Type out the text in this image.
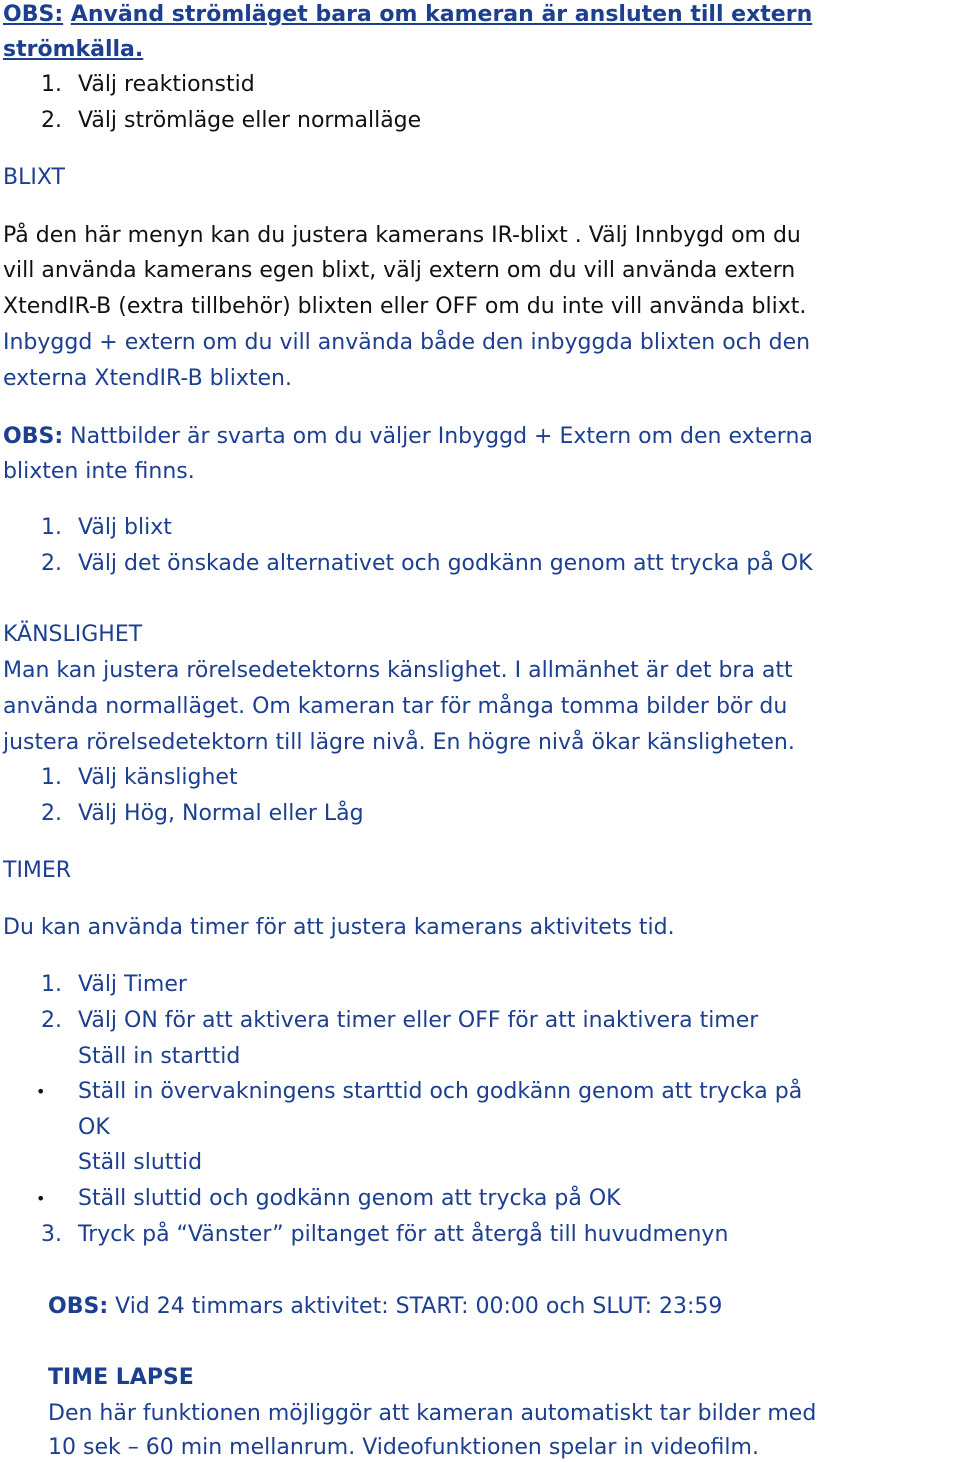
OBS: Använd strömläget bara om kameran är ansluten till extern
strömkälla.
1. Välj reaktionstid
2. Välj strömläge eller normalläge
BLIXT
På den här menyn kan du justera kamerans IR-blixt . Välj Innbygd om du
vill använda kamerans egen blixt, välj extern om du vill använda extern
XtendIR-B (extra tillbehör) blixten eller OFF om du inte vill använda blixt.
Inbyggd + extern om du vill använda både den inbyggda blixten och den
externa XtendIR-B blixten.
OBS: Nattbilder är svarta om du väljer Inbyggd + Extern om den externa
blixten inte finns.
1. Välj blixt
2. Välj det önskade alternativet och godkänn genom att trycka på OK
KÄNSLIGHET
Man kan justera rörelsedetektorns känslighet. I allmänhet är det bra att
använda normalläget. Om kameran tar för många tomma bilder bör du
justera rörelsedetektorn till lägre nivå. En högre nivå ökar känsligheten.
1. Välj känslighet
2. Välj Hög, Normal eller Låg
TIMER
Du kan använda timer för att justera kamerans aktivitets tid.
1. Välj Timer
2. Välj ON för att aktivera timer eller OFF för att inaktivera timer
Ställ in starttid
• Ställ in övervakningens starttid och godkänn genom att trycka på
OK
Ställ sluttid
• Ställ sluttid och godkänn genom att trycka på OK
3. Tryck på “Vänster” piltanget för att återgå till huvudmenyn
OBS: Vid 24 timmars aktivitet: START: 00:00 och SLUT: 23:59
TIME LAPSE
Den här funktionen möjliggör att kameran automatiskt tar bilder med
10 sek – 60 min mellanrum. Videofunktionen spelar in videofilm.
